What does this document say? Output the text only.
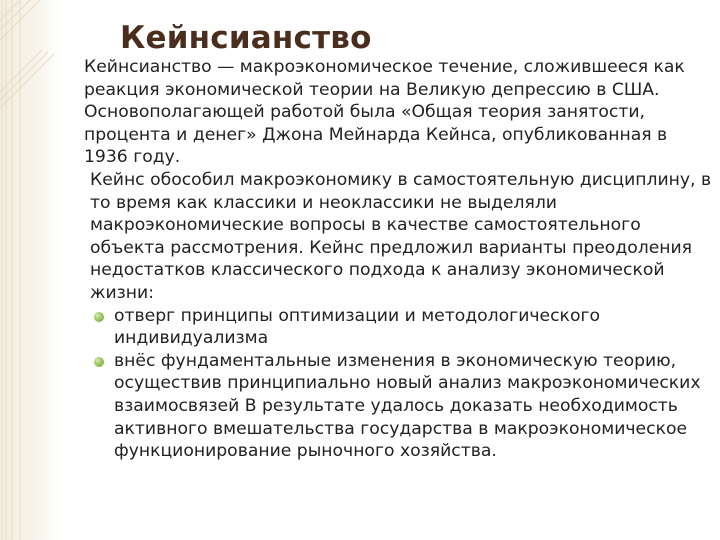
Кейнсианство

Кейнсианство — макроэкономическое течение, сложившееся как реакция экономической теории на Великую депрессию в США. Основополагающей работой была «Общая теория занятости, процента и денег» Джона Мейнарда Кейнса, опубликованная в 1936 году.

Кейнс обособил макроэкономику в самостоятельную дисциплину, в то время как классики и неоклассики не выделяли макроэкономические вопросы в качестве самостоятельного объекта рассмотрения. Кейнс предложил варианты преодоления недостатков классического подхода к анализу экономической жизни:

отверг принципы оптимизации и методологического индивидуализма
внёс фундаментальные изменения в экономическую теорию, осуществив принципиально новый анализ макроэкономических взаимосвязей В результате удалось доказать необходимость активного вмешательства государства в макроэкономическое функционирование рыночного хозяйства.
